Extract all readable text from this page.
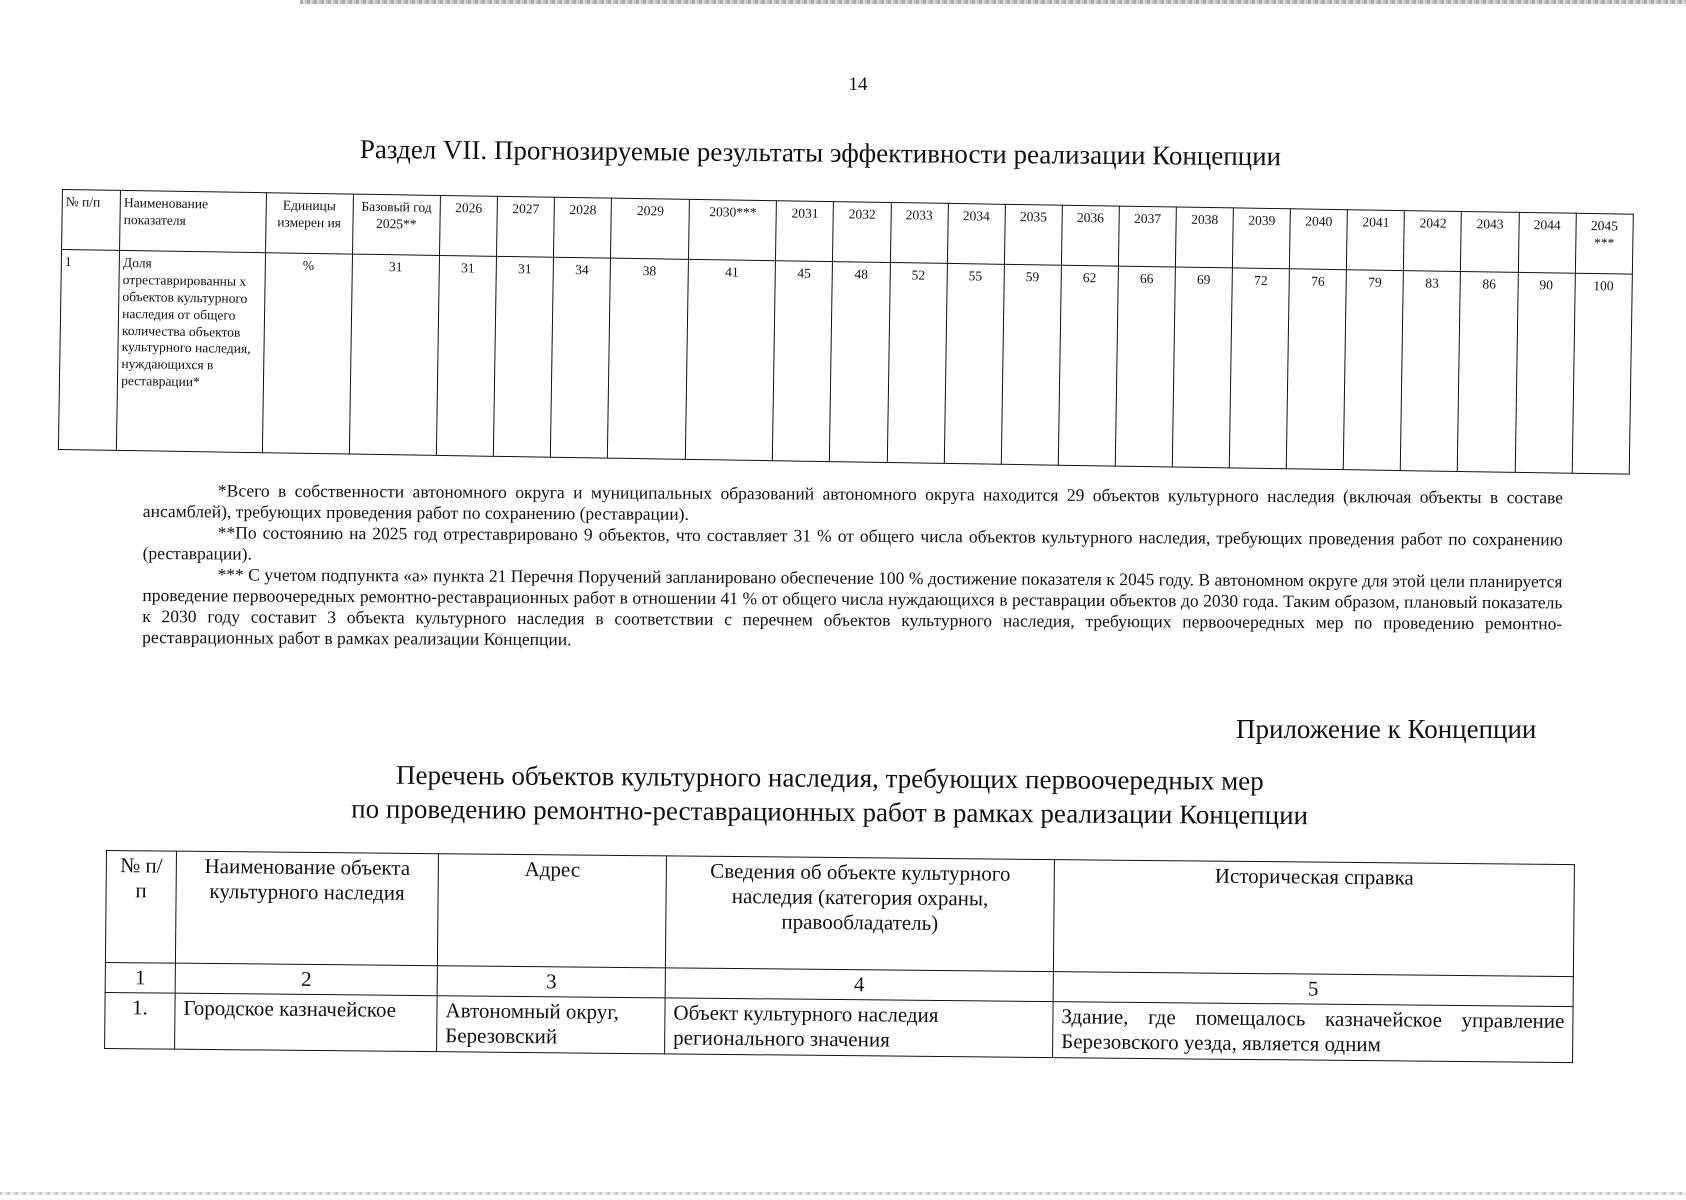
14
Раздел VII. Прогнозируемые результаты эффективности реализации Концепции
№ п/п	Наименование показателя	Единицы измерен ия	Базовый год 2025**	2026	2027	2028	2029	2030***	2031	2032	2033	2034	2035	2036	2037	2038	2039	2040	2041	2042	2043	2044	2045 ***
1	Доля отреставрированны х объектов культурного наследия от общего количества объектов культурного наследия, нуждающихся в реставрации*	%	31	31	31	34	38	41	45	48	52	55	59	62	66	69	72	76	79	83	86	90	100

*Всего в собственности автономного округа и муниципальных образований автономного округа находится 29 объектов культурного наследия (включая объекты в составе ансамблей), требующих проведения работ по сохранению (реставрации).

**По состоянию на 2025 год отреставрировано 9 объектов, что составляет 31 % от общего числа объектов культурного наследия, требующих проведения работ по сохранению (реставрации).

*** С учетом подпункта «а» пункта 21 Перечня Поручений запланировано обеспечение 100 % достижение показателя к 2045 году. В автономном округе для этой цели планируется проведение первоочередных ремонтно-реставрационных работ в отношении 41 % от общего числа нуждающихся в реставрации объектов до 2030 года. Таким образом, плановый показатель к 2030 году составит 3 объекта культурного наследия в соответствии с перечнем объектов культурного наследия, требующих первоочередных мер по проведению ремонтно-реставрационных работ в рамках реализации Концепции.

Приложение к Концепции
Перечень объектов культурного наследия, требующих первоочередных мер
по проведению ремонтно-реставрационных работ в рамках реализации Концепции
№ п/п	Наименование объекта культурного наследия	Адрес	Сведения об объекте культурного наследия (категория охраны, правообладатель)	Историческая справка
1	2	3	4	5
1.	Городское казначейское	Автономный округ, Березовский	Объект культурного наследия регионального значения	Здание, где помещалось казначейское управление Березовского уезда, является одним
